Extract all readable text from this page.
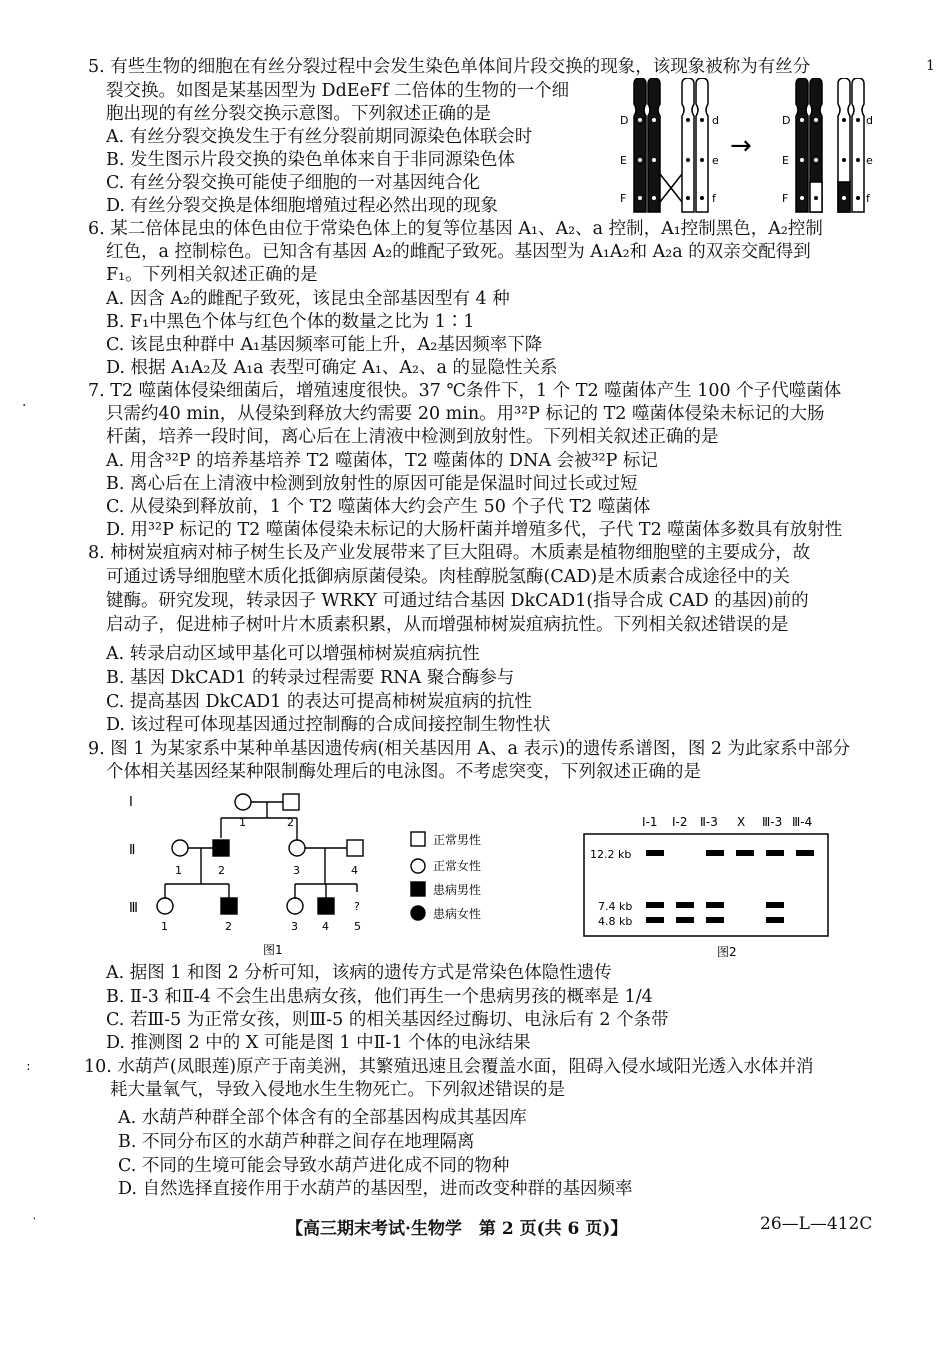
1
·
ː
ˑ
5. 有些生物的细胞在有丝分裂过程中会发生染色单体间片段交换的现象，该现象被称为有丝分
裂交换。如图是某基因型为 DdEeFf 二倍体的生物的一个细
胞出现的有丝分裂交换示意图。下列叙述正确的是
A. 有丝分裂交换发生于有丝分裂前期同源染色体联会时
B. 发生图示片段交换的染色单体来自于非同源染色体
C. 有丝分裂交换可能使子细胞的一对基因纯合化
D. 有丝分裂交换是体细胞增殖过程必然出现的现象
D
E
F
d
e
f
→
D
E
F
d
e
f
6. 某二倍体昆虫的体色由位于常染色体上的复等位基因 A₁、A₂、a 控制，A₁控制黑色，A₂控制
红色，a 控制棕色。已知含有基因 A₂的雌配子致死。基因型为 A₁A₂和 A₂a 的双亲交配得到
F₁。下列相关叙述正确的是
A. 因含 A₂的雌配子致死，该昆虫全部基因型有 4 种
B. F₁中黑色个体与红色个体的数量之比为 1∶1
C. 该昆虫种群中 A₁基因频率可能上升，A₂基因频率下降
D. 根据 A₁A₂及 A₁a 表型可确定 A₁、A₂、a 的显隐性关系
7. T2 噬菌体侵染细菌后，增殖速度很快。37 ℃条件下，1 个 T2 噬菌体产生 100 个子代噬菌体
只需约40 min，从侵染到释放大约需要 20 min。用³²P 标记的 T2 噬菌体侵染未标记的大肠
杆菌，培养一段时间，离心后在上清液中检测到放射性。下列相关叙述正确的是
A. 用含³²P 的培养基培养 T2 噬菌体，T2 噬菌体的 DNA 会被³²P 标记
B. 离心后在上清液中检测到放射性的原因可能是保温时间过长或过短
C. 从侵染到释放前，1 个 T2 噬菌体大约会产生 50 个子代 T2 噬菌体
D. 用³²P 标记的 T2 噬菌体侵染未标记的大肠杆菌并增殖多代，子代 T2 噬菌体多数具有放射性
8. 柿树炭疽病对柿子树生长及产业发展带来了巨大阻碍。木质素是植物细胞壁的主要成分，故
可通过诱导细胞壁木质化抵御病原菌侵染。肉桂醇脱氢酶(CAD)是木质素合成途径中的关
键酶。研究发现，转录因子 WRKY 可通过结合基因 DkCAD1(指导合成 CAD 的基因)前的
启动子，促进柿子树叶片木质素积累，从而增强柿树炭疽病抗性。下列相关叙述错误的是
A. 转录启动区域甲基化可以增强柿树炭疽病抗性
B. 基因 DkCAD1 的转录过程需要 RNA 聚合酶参与
C. 提高基因 DkCAD1 的表达可提高柿树炭疽病的抗性
D. 该过程可体现基因通过控制酶的合成间接控制生物性状
9. 图 1 为某家系中某种单基因遗传病(相关基因用 A、a 表示)的遗传系谱图，图 2 为此家系中部分
个体相关基因经某种限制酶处理后的电泳图。不考虑突变，下列叙述正确的是
Ⅰ
Ⅱ
Ⅲ
1	2
1	2	3	4
1	2	3 4
?
5
正常男性
正常女性
患病男性
患病女性
图1
Ⅰ-1 Ⅰ-2 Ⅱ-3 X Ⅲ-3 Ⅲ-4
12.2 kb
7.4 kb
4.8 kb
图2
A. 据图 1 和图 2 分析可知，该病的遗传方式是常染色体隐性遗传
B. Ⅱ-3 和Ⅱ-4 不会生出患病女孩，他们再生一个患病男孩的概率是 1/4
C. 若Ⅲ-5 为正常女孩，则Ⅲ-5 的相关基因经过酶切、电泳后有 2 个条带
D. 推测图 2 中的 X 可能是图 1 中Ⅱ-1 个体的电泳结果
10. 水葫芦(凤眼莲)原产于南美洲，其繁殖迅速且会覆盖水面，阻碍入侵水域阳光透入水体并消
耗大量氧气，导致入侵地水生生物死亡。下列叙述错误的是
A. 水葫芦种群全部个体含有的全部基因构成其基因库
B. 不同分布区的水葫芦种群之间存在地理隔离
C. 不同的生境可能会导致水葫芦进化成不同的物种
D. 自然选择直接作用于水葫芦的基因型，进而改变种群的基因频率
【高三期末考试·生物学　第 2 页(共 6 页)】	26—L—412C
